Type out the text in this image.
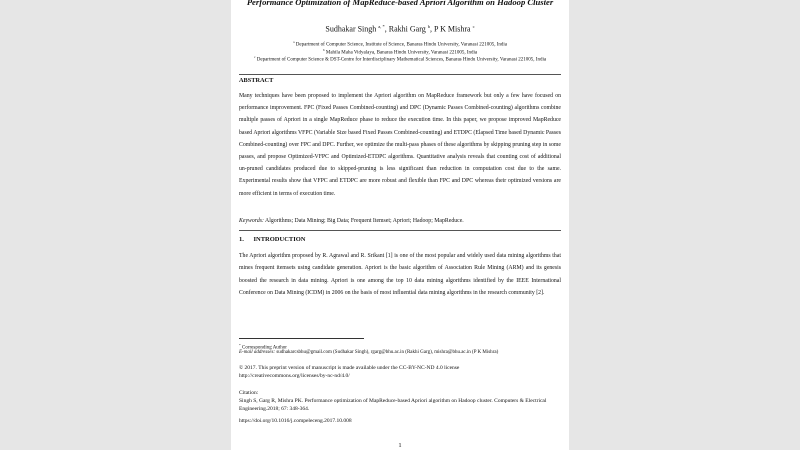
Performance Optimization of MapReduce-based Apriori Algorithm on Hadoop Cluster
Sudhakar Singh $^{a, *}$, Rakhi Garg $^b$, P K Mishra $^c$
$^a$ Department of Computer Science, Institute of Science, Banaras Hindu University, Varanasi 221005, India
$^b$ Mahila Maha Vidyalaya, Banaras Hindu University, Varanasi 221005, India
$^c$ Department of Computer Science & DST-Centre for Interdisciplinary Mathematical Sciences, Banaras Hindu University, Varanasi 221005, India
ABSTRACT

Many techniques have been proposed to implement the Apriori algorithm on MapReduce framework but only a few have focused on performance improvement. FPC (Fixed Passes Combined-counting) and DPC (Dynamic Passes Combined-counting) algorithms combine multiple passes of Apriori in a single MapReduce phase to reduce the execution time. In this paper, we propose improved MapReduce based Apriori algorithms VFPC (Variable Size based Fixed Passes Combined-counting) and ETDPC (Elapsed Time based Dynamic Passes Combined-counting) over FPC and DPC. Further, we optimize the multi-pass phases of these algorithms by skipping pruning step in some passes, and propose Optimized-VFPC and Optimized-ETDPC algorithms. Quantitative analysis reveals that counting cost of additional un-pruned candidates produced due to skipped-pruning is less significant than reduction in computation cost due to the same. Experimental results show that VFPC and ETDPC are more robust and flexible than FPC and DPC whereas their optimized versions are more efficient in terms of execution time.

Keywords: Algorithms; Data Mining; Big Data; Frequent Itemset; Apriori; Hadoop; MapReduce.
1. INTRODUCTION

The Apriori algorithm proposed by R. Agrawal and R. Srikant [1] is one of the most popular and widely used data mining algorithms that mines frequent itemsets using candidate generation. Apriori is the basic algorithm of Association Rule Mining (ARM) and its genesis boosted the research in data mining. Apriori is one among the top 10 data mining algorithms identified by the IEEE International Conference on Data Mining (ICDM) in 2006 on the basis of most influential data mining algorithms in the research community [2].

* Corresponding Author
E-mail addresses: sudhakarcsbhu@gmail.com (Sudhakar Singh), rgarg@bhu.ac.in (Rakhi Garg), mishra@bhu.ac.in (P K Mishra)
© 2017. This preprint version of manuscript is made available under the CC-BY-NC-ND 4.0 license
http://creativecommons.org/licenses/by-nc-nd/4.0/
Citation:
Singh S, Garg R, Mishra PK. Performance optimization of MapReduce-based Apriori algorithm on Hadoop cluster. Computers & Electrical Engineering.2018; 67: 348-364.
https://doi.org/10.1016/j.compeleceng.2017.10.008
1
